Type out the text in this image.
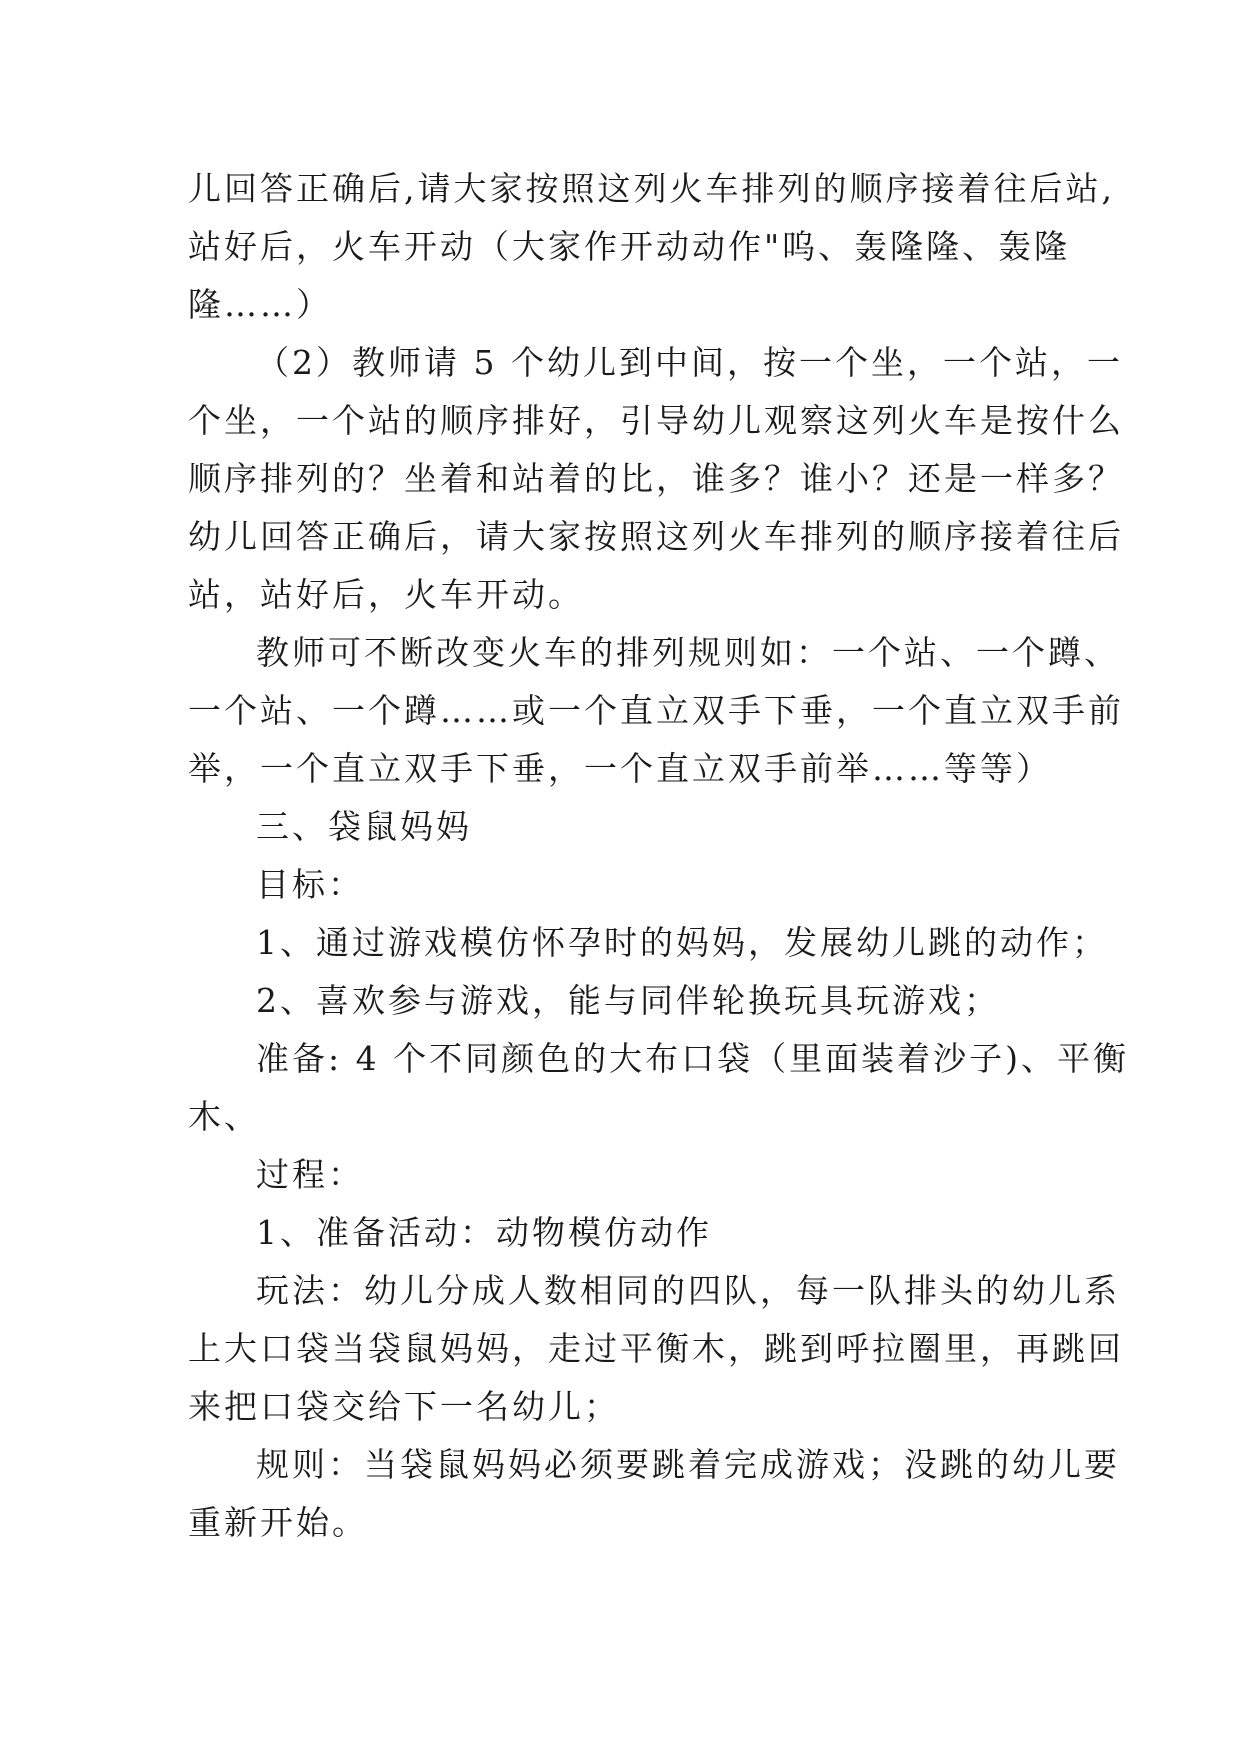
儿回答正确后,请大家按照这列火车排列的顺序接着往后站,
站好后，火车开动（大家作开动动作"呜、轰隆隆、轰隆
隆……）
（2）教师请 5 个幼儿到中间，按一个坐，一个站，一
个坐，一个站的顺序排好，引导幼儿观察这列火车是按什么
顺序排列的？坐着和站着的比，谁多？谁小？还是一样多？
幼儿回答正确后，请大家按照这列火车排列的顺序接着往后
站，站好后，火车开动。
教师可不断改变火车的排列规则如：一个站、一个蹲、
一个站、一个蹲……或一个直立双手下垂，一个直立双手前
举，一个直立双手下垂，一个直立双手前举……等等）
三、袋鼠妈妈
目标：
1、通过游戏模仿怀孕时的妈妈，发展幼儿跳的动作；
2、喜欢参与游戏，能与同伴轮换玩具玩游戏；
准备: 4 个不同颜色的大布口袋（里面装着沙子)、平衡
木、
过程：
1、准备活动：动物模仿动作
玩法：幼儿分成人数相同的四队，每一队排头的幼儿系
上大口袋当袋鼠妈妈，走过平衡木，跳到呼拉圈里，再跳回
来把口袋交给下一名幼儿；
规则：当袋鼠妈妈必须要跳着完成游戏；没跳的幼儿要
重新开始。
